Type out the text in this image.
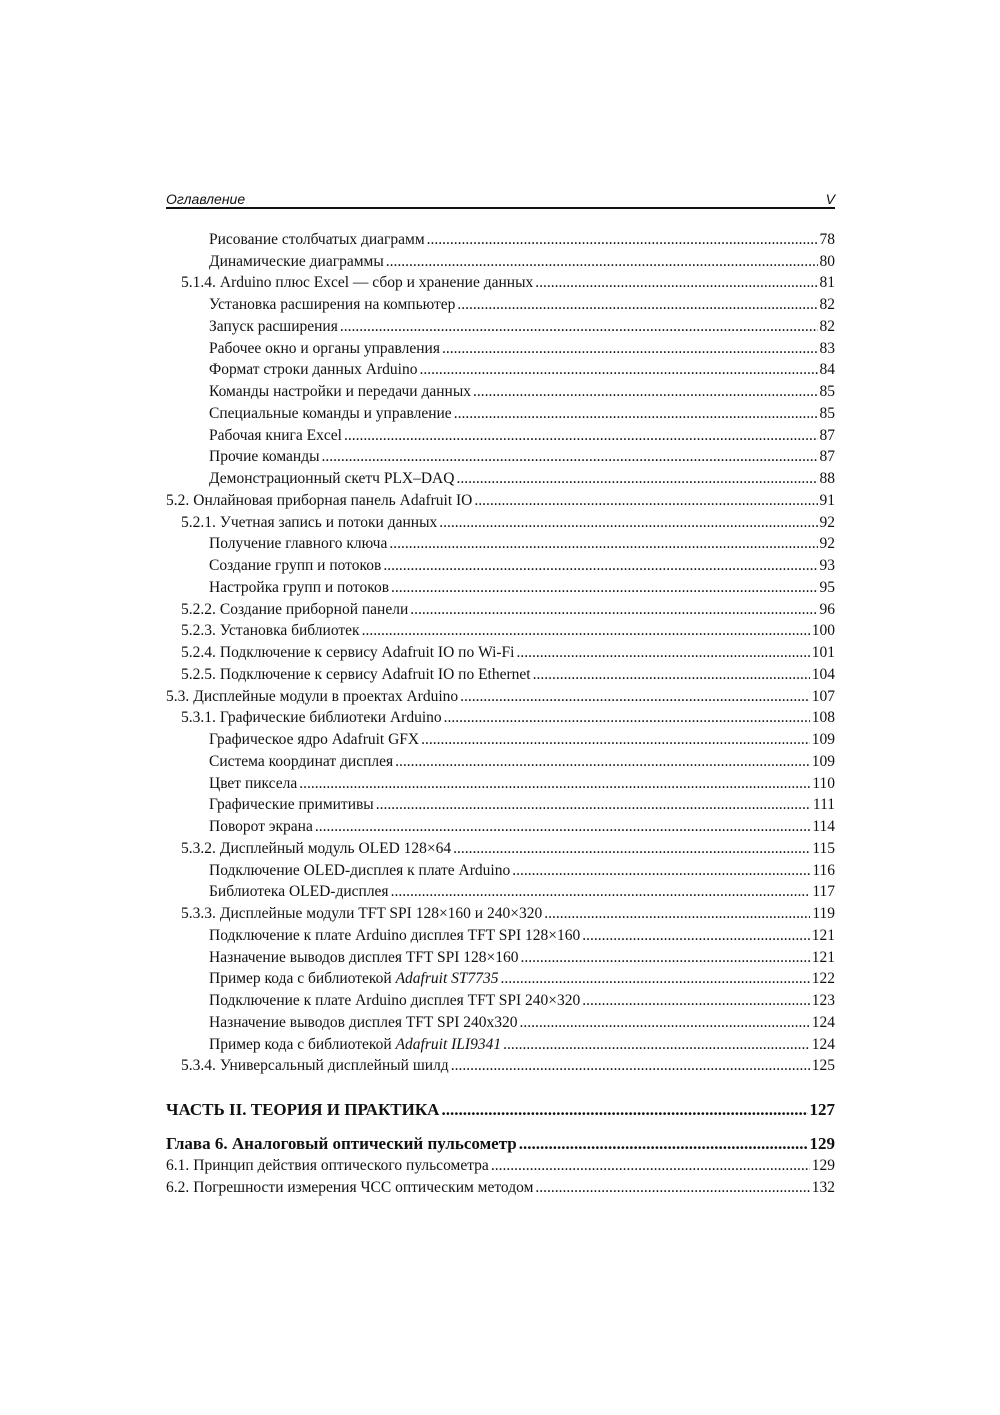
Оглавление	V
Рисование столбчатых диаграмм .....	78
Динамические диаграммы .....	80
5.1.4. Arduino плюс Excel — сбор и хранение данных .....	81
Установка расширения на компьютер .....	82
Запуск расширения .....	82
Рабочее окно и органы управления .....	83
Формат строки данных Arduino .....	84
Команды настройки и передачи данных .....	85
Специальные команды и управление .....	85
Рабочая книга Excel .....	87
Прочие команды .....	87
Демонстрационный скетч PLX–DAQ .....	88
5.2. Онлайновая приборная панель Adafruit IO .....	91
5.2.1. Учетная запись и потоки данных .....	92
Получение главного ключа .....	92
Создание групп и потоков .....	93
Настройка групп и потоков .....	95
5.2.2. Создание приборной панели .....	96
5.2.3. Установка библиотек .....	100
5.2.4. Подключение к сервису Adafruit IO по Wi-Fi .....	101
5.2.5. Подключение к сервису Adafruit IO по Ethernet .....	104
5.3. Дисплейные модули в проектах Arduino .....	107
5.3.1. Графические библиотеки Arduino .....	108
Графическое ядро Adafruit GFX .....	109
Система координат дисплея .....	109
Цвет пиксела .....	110
Графические примитивы .....	111
Поворот экрана .....	114
5.3.2. Дисплейный модуль OLED 128×64 .....	115
Подключение OLED-дисплея к плате Arduino .....	116
Библиотека OLED-дисплея .....	117
5.3.3. Дисплейные модули TFT SPI 128×160 и 240×320 .....	119
Подключение к плате Arduino дисплея TFT SPI 128×160 .....	121
Назначение выводов дисплея TFT SPI 128×160 .....	121
Пример кода с библиотекой Adafruit ST7735 .....	122
Подключение к плате Arduino дисплея TFT SPI 240×320 .....	123
Назначение выводов дисплея TFT SPI 240x320 .....	124
Пример кода с библиотекой Adafruit ILI9341 .....	124
5.3.4. Универсальный дисплейный шилд .....	125
ЧАСТЬ II. ТЕОРИЯ И ПРАКТИКА .....	127
Глава 6. Аналоговый оптический пульсометр .....	129
6.1. Принцип действия оптического пульсометра .....	129
6.2. Погрешности измерения ЧСС оптическим методом .....	132
